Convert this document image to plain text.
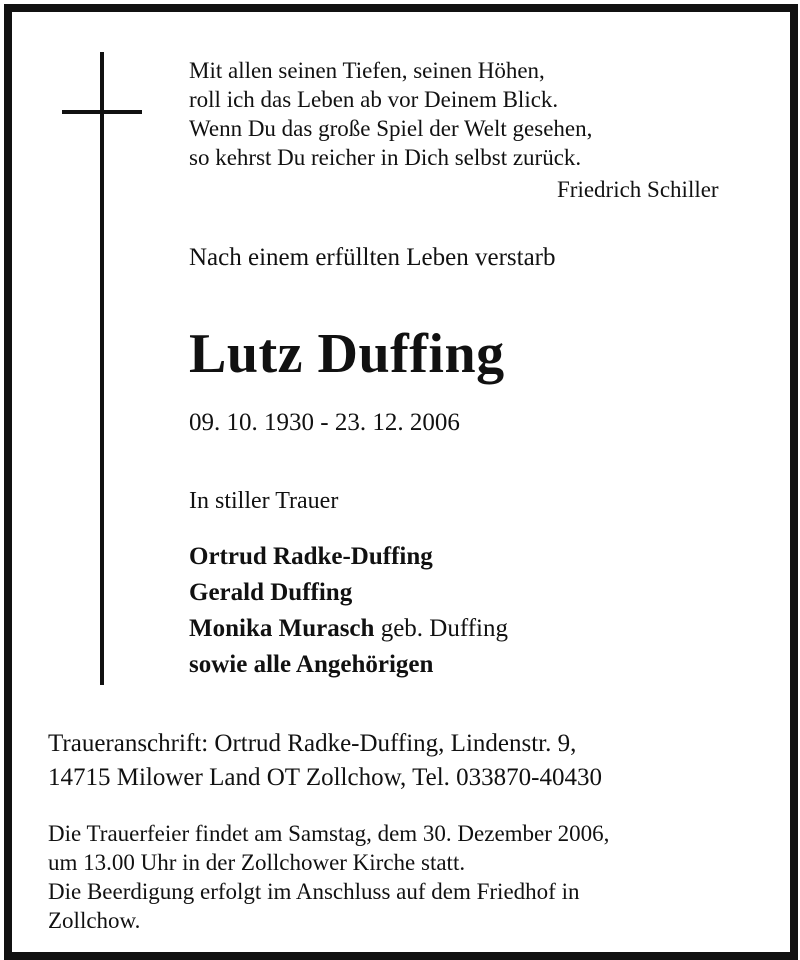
Mit allen seinen Tiefen, seinen Höhen,
roll ich das Leben ab vor Deinem Blick.
Wenn Du das große Spiel der Welt gesehen,
so kehrst Du reicher in Dich selbst zurück.
Friedrich Schiller
Nach einem erfüllten Leben verstarb
Lutz Duffing
09. 10. 1930 - 23. 12. 2006
In stiller Trauer
Ortrud Radke-Duffing
Gerald Duffing
Monika Murasch geb. Duffing
sowie alle Angehörigen
Traueranschrift: Ortrud Radke-Duffing, Lindenstr. 9,
14715 Milower Land OT Zollchow, Tel. 033870-40430
Die Trauerfeier findet am Samstag, dem 30. Dezember 2006,
um 13.00 Uhr in der Zollchower Kirche statt.
Die Beerdigung erfolgt im Anschluss auf dem Friedhof in
Zollchow.
